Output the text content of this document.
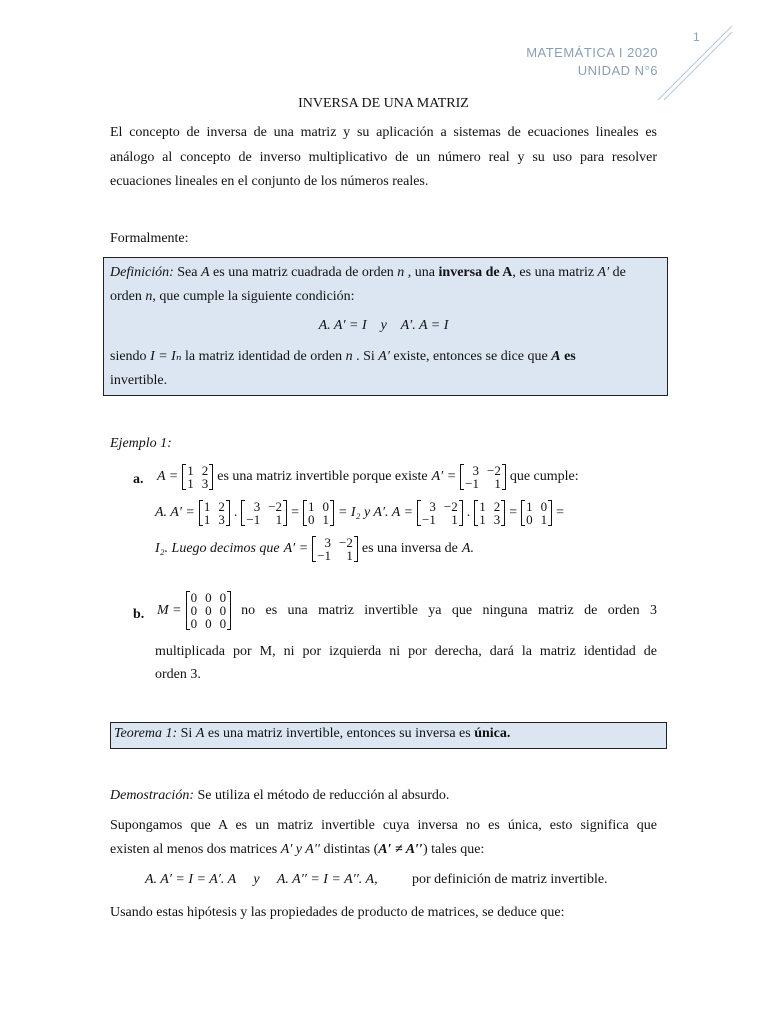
1
MATEMÁTICA I 2020
UNIDAD N°6
INVERSA DE UNA MATRIZ
El concepto de inversa de una matriz y su aplicación a sistemas de ecuaciones lineales es
análogo al concepto de inverso multiplicativo de un número real y su uso para resolver
ecuaciones lineales en el conjunto de los números reales.
Formalmente:
Definición: Sea A es una matriz cuadrada de orden n , una inversa de A, es una matriz A′ de
orden n, que cumple la siguiente condición:
A. A′ = I    y    A′. A = I
siendo I = Iₙ la matriz identidad de orden n . Si A′ existe, entonces se dice que A es
invertible.
Ejemplo 1:
a. A = 1	2
1	3 es una matriz invertible porque existe A′ = 3	−2
−1	1 que cumple:
A. A′ = 1	2
1	3 . 3	−2
−1	1 = 1	0
0	1 = I₂ y A′. A = 3	−2
−1	1 . 1	2
1	3 = 1	0
0	1 =
I₂. Luego decimos que A′ = 3	−2
−1	1 es una inversa de A.
b. M =
0	0	0
0	0	0
0	0	0
no es una matriz invertible ya que ninguna matriz de orden 3
multiplicada por M, ni por izquierda ni por derecha, dará la matriz identidad de
orden 3.
Teorema 1: Si A es una matriz invertible, entonces su inversa es única.
Demostración: Se utiliza el método de reducción al absurdo.
Supongamos que A es un matriz invertible cuya inversa no es única, esto significa que
existen al menos dos matrices A′ y A′′ distintas (A′ ≠ A′′) tales que:
A. A′ = I = A′. A     y     A. A′′ = I = A′′. A, por definición de matriz invertible.
Usando estas hipótesis y las propiedades de producto de matrices, se deduce que:
